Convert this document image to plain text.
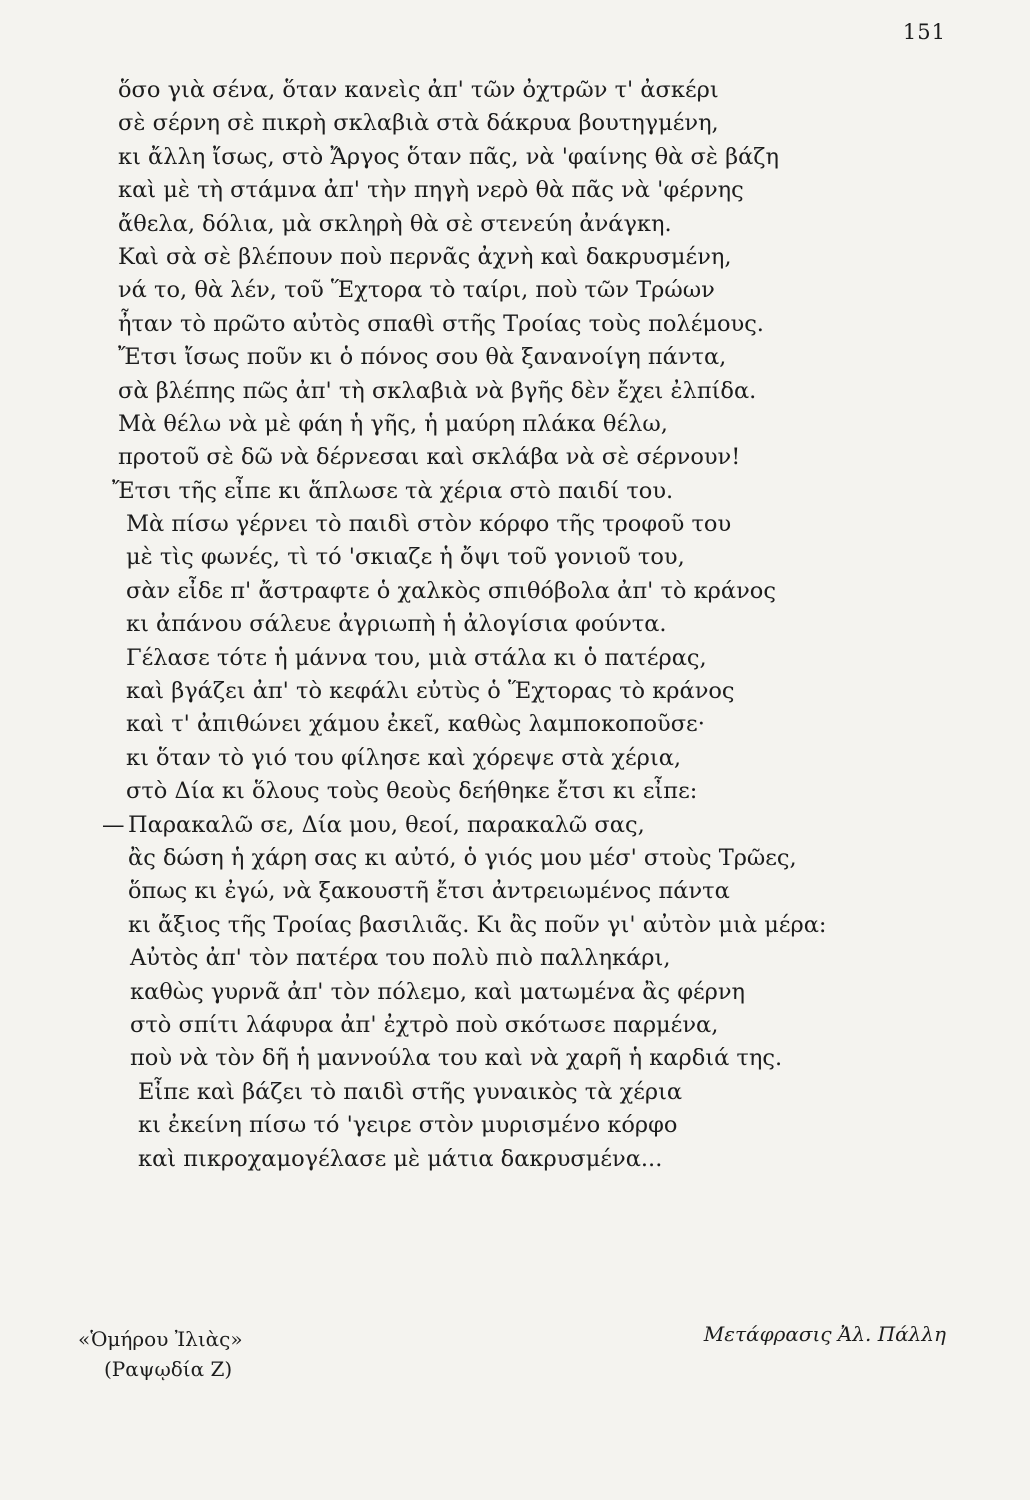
151
ὅσο γιὰ σένα, ὅταν κανεὶς ἀπ' τῶν ὀχτρῶν τ' ἀσκέρι
σὲ σέρνη σὲ πικρὴ σκλαβιὰ στὰ δάκρυα βουτηγμένη,
κι ἄλλη ἴσως, στὸ Ἄργος ὅταν πᾶς, νὰ 'φαίνης θὰ σὲ βάζη
καὶ μὲ τὴ στάμνα ἀπ' τὴν πηγὴ νερὸ θὰ πᾶς νὰ 'φέρνης
ἄθελα, δόλια, μὰ σκληρὴ θὰ σὲ στενεύη ἀνάγκη.
Καὶ σὰ σὲ βλέπουν ποὺ περνᾶς ἀχνὴ καὶ δακρυσμένη,
νά το, θὰ λέν, τοῦ Ἕχτορα τὸ ταίρι, ποὺ τῶν Τρώων
ἦταν τὸ πρῶτο αὐτὸς σπαθὶ στῆς Τροίας τοὺς πολέμους.
Ἔτσι ἴσως ποῦν κι ὁ πόνος σου θὰ ξανανοίγη πάντα,
σὰ βλέπης πῶς ἀπ' τὴ σκλαβιὰ νὰ βγῆς δὲν ἔχει ἐλπίδα.
Μὰ θέλω νὰ μὲ φάη ἡ γῆς, ἡ μαύρη πλάκα θέλω,
προτοῦ σὲ δῶ νὰ δέρνεσαι καὶ σκλάβα νὰ σὲ σέρνουν!
Ἔτσι τῆς εἶπε κι ἅπλωσε τὰ χέρια στὸ παιδί του.
Μὰ πίσω γέρνει τὸ παιδὶ στὸν κόρφο τῆς τροφοῦ του
μὲ τὶς φωνές, τὶ τό 'σκιαζε ἡ ὄψι τοῦ γονιοῦ του,
σὰν εἶδε π' ἄστραφτε ὁ χαλκὸς σπιθόβολα ἀπ' τὸ κράνος
κι ἀπάνου σάλευε ἀγριωπὴ ἡ ἀλογίσια φούντα.
Γέλασε τότε ἡ μάννα του, μιὰ στάλα κι ὁ πατέρας,
καὶ βγάζει ἀπ' τὸ κεφάλι εὐτὺς ὁ Ἕχτορας τὸ κράνος
καὶ τ' ἀπιθώνει χάμου ἐκεῖ, καθὼς λαμποκοποῦσε·
κι ὅταν τὸ γιό του φίλησε καὶ χόρεψε στὰ χέρια,
στὸ Δία κι ὅλους τοὺς θεοὺς δεήθηκε ἔτσι κι εἶπε:
— Παρακαλῶ σε, Δία μου, θεοί, παρακαλῶ σας,
ἂς δώση ἡ χάρη σας κι αὐτό, ὁ γιός μου μέσ' στοὺς Τρῶες,
ὅπως κι ἐγώ, νὰ ξακουστῆ ἔτσι ἀντρειωμένος πάντα
κι ἄξιος τῆς Τροίας βασιλιᾶς. Κι ἂς ποῦν γι' αὐτὸν μιὰ μέρα:
Αὐτὸς ἀπ' τὸν πατέρα του πολὺ πιὸ παλληκάρι,
καθὼς γυρνᾶ ἀπ' τὸν πόλεμο, καὶ ματωμένα ἂς φέρνη
στὸ σπίτι λάφυρα ἀπ' ἐχτρὸ ποὺ σκότωσε παρμένα,
ποὺ νὰ τὸν δῆ ἡ μαννούλα του καὶ νὰ χαρῆ ἡ καρδιά της.
Εἶπε καὶ βάζει τὸ παιδὶ στῆς γυναικὸς τὰ χέρια
κι ἐκείνη πίσω τό 'γειρε στὸν μυρισμένο κόρφο
καὶ πικροχαμογέλασε μὲ μάτια δακρυσμένα...
«Ὁμήρου Ἰλιὰς»
(Ραψῳδία Ζ)
Μετάφρασις Ἀλ. Πάλλη
